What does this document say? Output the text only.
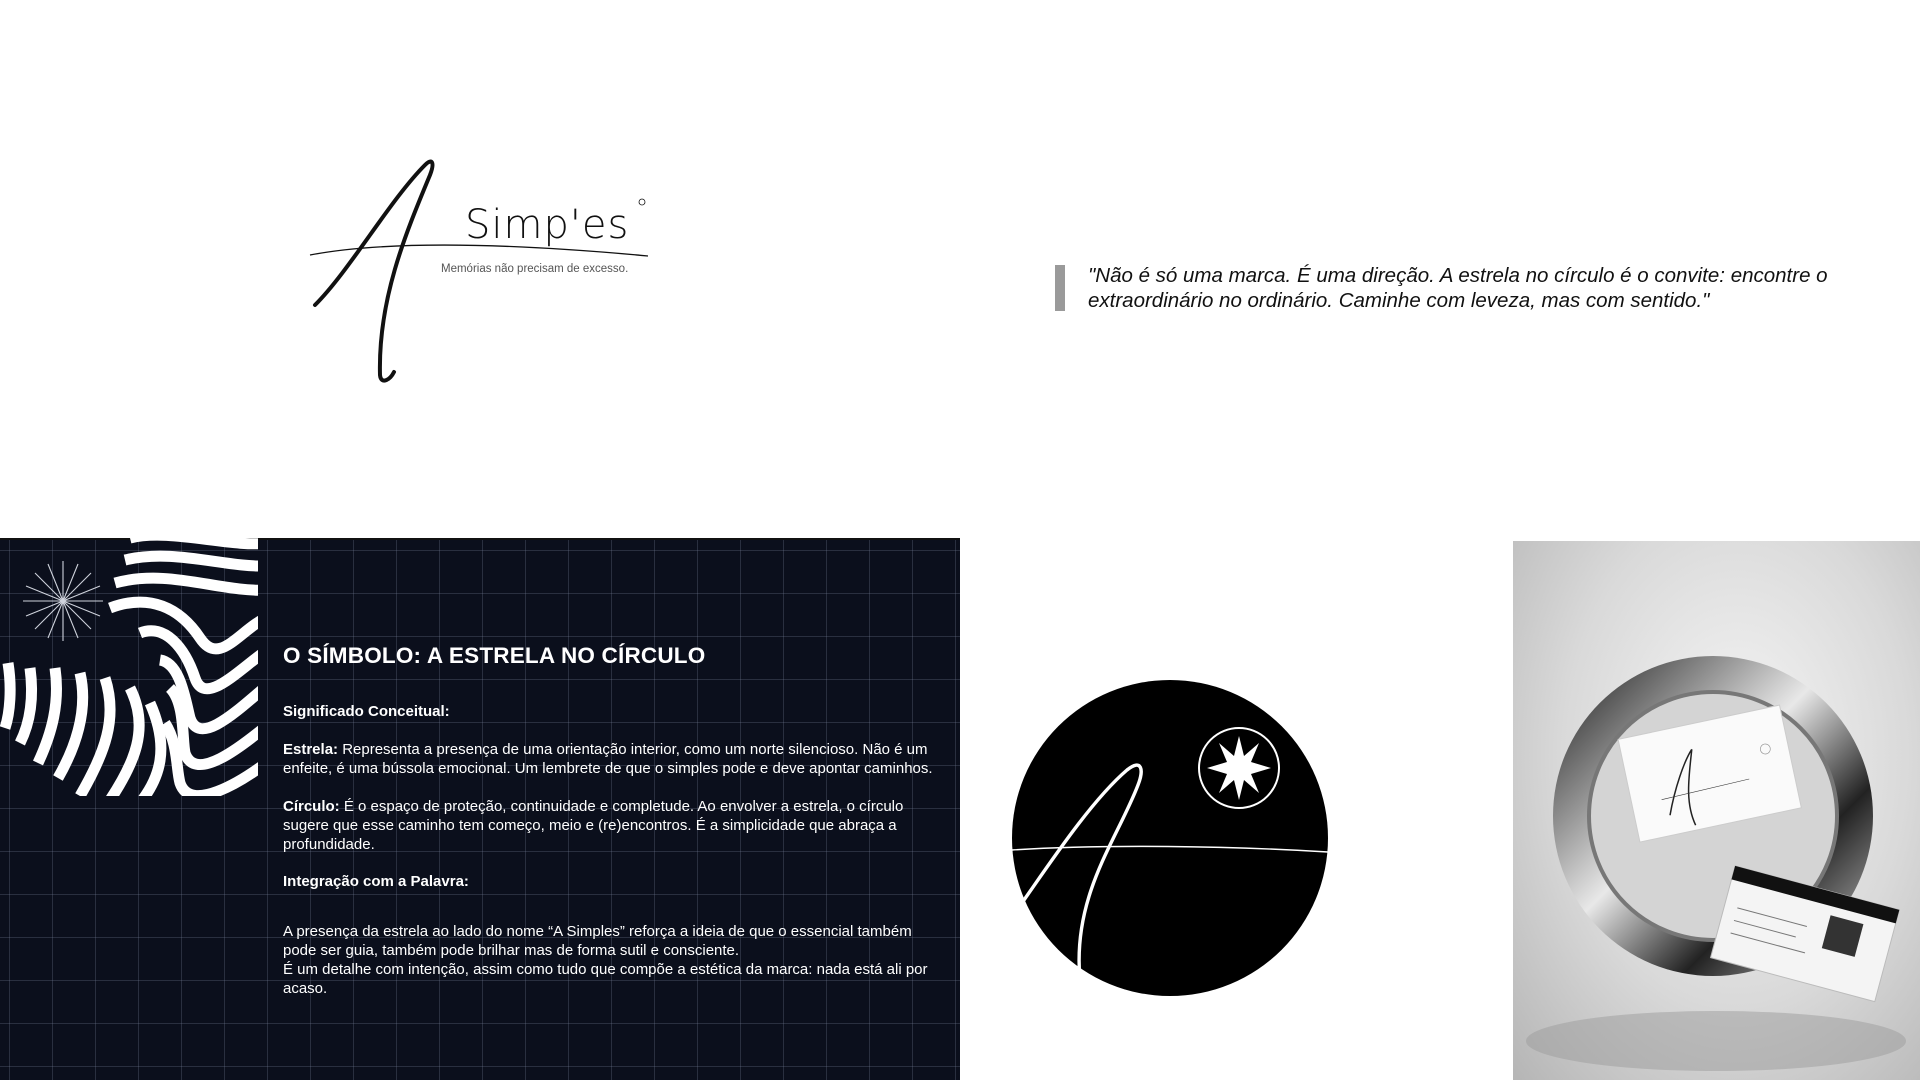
Simp'es
Memórias não precisam de excesso.	"Não é só uma marca. É uma direção. A estrela no círculo é o convite: encontre o
extraordinário no ordinário. Caminhe com leveza, mas com sentido."
O SÍMBOLO: A ESTRELA NO CÍRCULO
Significado Conceitual:

Estrela: Representa a presença de uma orientação interior, como um norte silencioso. Não é um enfeite, é uma bússola emocional. Um lembrete de que o simples pode e deve apontar caminhos.

Círculo: É o espaço de proteção, continuidade e completude. Ao envolver a estrela, o círculo sugere que esse caminho tem começo, meio e (re)encontros. É a simplicidade que abraça a profundidade.

Integração com a Palavra:

A presença da estrela ao lado do nome “A Simples” reforça a ideia de que o essencial também pode ser guia, também pode brilhar mas de forma sutil e consciente.

É um detalhe com intenção, assim como tudo que compõe a estética da marca: nada está ali por acaso.
